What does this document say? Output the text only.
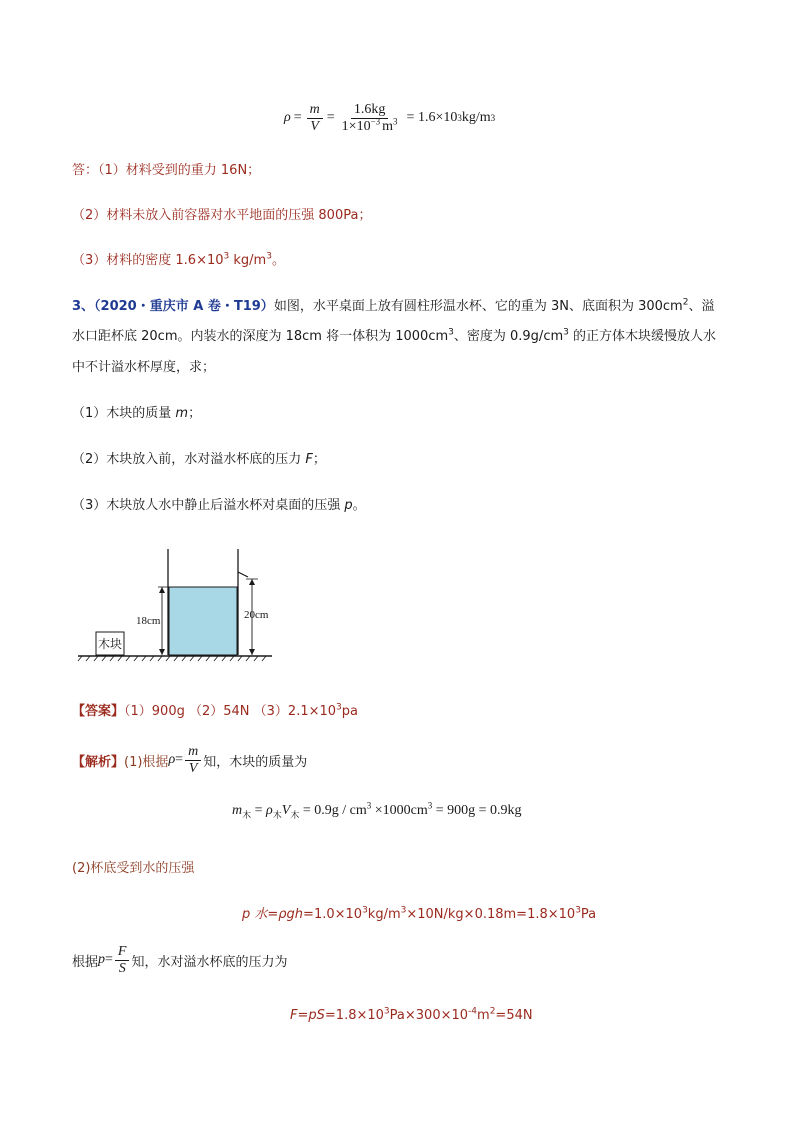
$\rho = \frac{m}{V} = \frac{1.6kg}{1\times 10^{-3} m^3} = 1.6\times 10$ 3 kg/m 3
答：（1）材料受到的重力 16N；
（2）材料未放入前容器对水平地面的压强 800Pa；
（3）材料的密度 $1.6\times 10^3$ $kg/m^3$。
3、（2020・重庆市 A 卷・T19）如图，水平桌面上放有圆柱形温水杯、它的重为 3N、底面积为 $300cm^2$、溢
水口距杯底 20cm。内装水的深度为 18cm 将一体积为 $1000cm^3$、密度为 $0.9g/cm^3$ 的正方体木块缓慢放人水
中不计溢水杯厚度，求；
（1）木块的质量 m；
（2）木块放入前，水对溢水杯底的压力 F；
（3）木块放人水中静止后溢水杯对桌面的压强 p。
木块
18cm	20cm
【答案】（1）900g （2）54N $(3)2.1\times 10^3pa$
【解析】 (1)根据 $\rho = \frac{m}{V}$ 知，木块的质量为
$m_木 = \rho_木V_木 = 0.9g / cm^3 \times 1000cm^3 = 900g = 0.9kg$
(2)杯底受到水的压强
p 水$=\rho gh=1.0\times 10^3kg/m^3\times 10N/kg\times 0.18m=1.8\times 10^3Pa$
根据 $p = \frac{F}{S}$ 知，水对溢水杯底的压力为
$F=pS=1.8\times 10^3Pa\times 300\times 10^{-4}m^2=54N$
